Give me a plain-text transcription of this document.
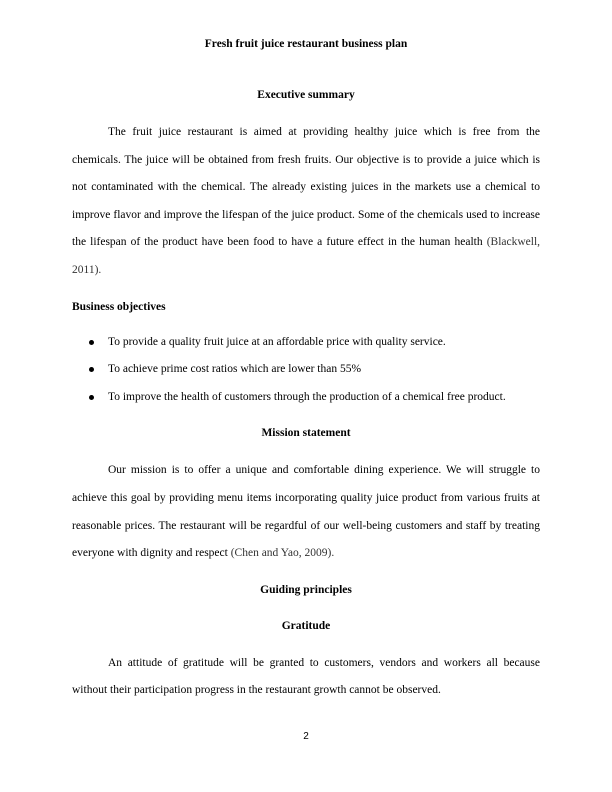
Fresh fruit juice restaurant business plan

Executive summary

The fruit juice restaurant is aimed at providing healthy juice which is free from the chemicals. The juice will be obtained from fresh fruits. Our objective is to provide a juice which is not contaminated with the chemical. The already existing juices in the markets use a chemical to improve flavor and improve the lifespan of the juice product. Some of the chemicals used to increase the lifespan of the product have been food to have a future effect in the human health (Blackwell, 2011).

Business objectives

To provide a quality fruit juice at an affordable price with quality service.
To achieve prime cost ratios which are lower than 55%
To improve the health of customers through the production of a chemical free product.

Mission statement

Our mission is to offer a unique and comfortable dining experience. We will struggle to achieve this goal by providing menu items incorporating quality juice product from various fruits at reasonable prices. The restaurant will be regardful of our well-being customers and staff by treating everyone with dignity and respect (Chen and Yao, 2009).

Guiding principles

Gratitude

An attitude of gratitude will be granted to customers, vendors and workers all because without their participation progress in the restaurant growth cannot be observed.

2
